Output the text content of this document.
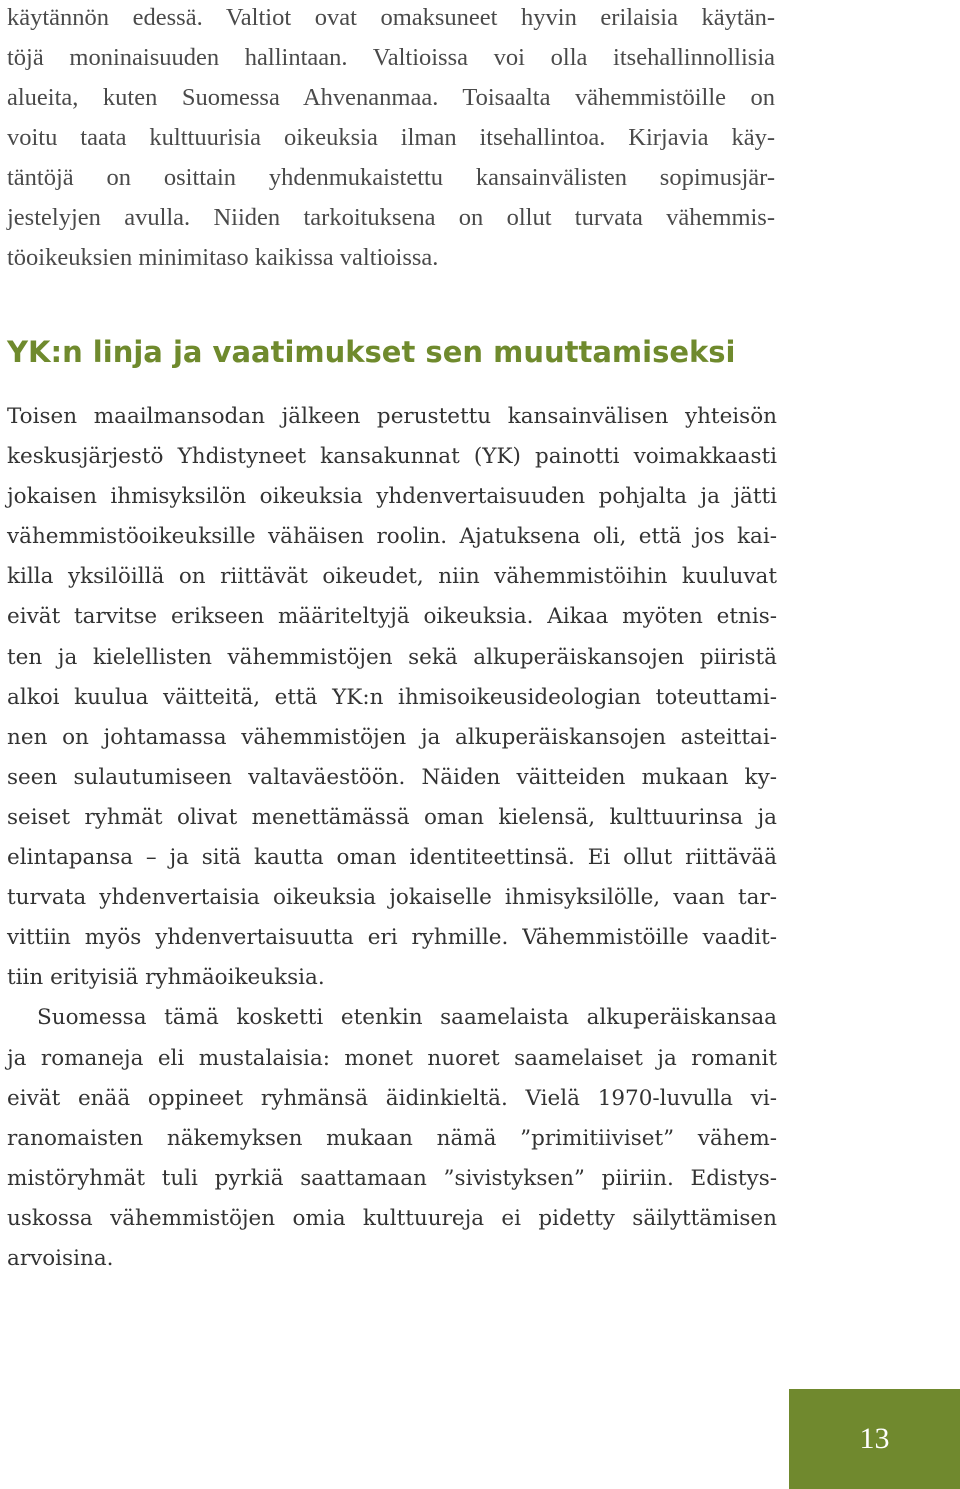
käytännön edessä. Valtiot ovat omaksuneet hyvin erilaisia käytän-
töjä moninaisuuden hallintaan. Valtioissa voi olla itsehallinnollisia
alueita, kuten Suomessa Ahvenanmaa. Toisaalta vähemmistöille on
voitu taata kulttuurisia oikeuksia ilman itsehallintoa. Kirjavia käy-
täntöjä on osittain yhdenmukaistettu kansainvälisten sopimusjär-
jestelyjen avulla. Niiden tarkoituksena on ollut turvata vähemmis-
töoikeuksien minimitaso kaikissa valtioissa.
YK:n linja ja vaatimukset sen muuttamiseksi
Toisen maailmansodan jälkeen perustettu kansainvälisen yhteisön
keskusjärjestö Yhdistyneet kansakunnat (YK) painotti voimakkaasti
jokaisen ihmisyksilön oikeuksia yhdenvertaisuuden pohjalta ja jätti
vähemmistöoikeuksille vähäisen roolin. Ajatuksena oli, että jos kai-
killa yksilöillä on riittävät oikeudet, niin vähemmistöihin kuuluvat
eivät tarvitse erikseen määriteltyjä oikeuksia. Aikaa myöten etnis-
ten ja kielellisten vähemmistöjen sekä alkuperäiskansojen piiristä
alkoi kuulua väitteitä, että YK:n ihmisoikeusideologian toteuttami-
nen on johtamassa vähemmistöjen ja alkuperäiskansojen asteittai-
seen sulautumiseen valtaväestöön. Näiden väitteiden mukaan ky-
seiset ryhmät olivat menettämässä oman kielensä, kulttuurinsa ja
elintapansa – ja sitä kautta oman identiteettinsä. Ei ollut riittävää
turvata yhdenvertaisia oikeuksia jokaiselle ihmisyksilölle, vaan tar-
vittiin myös yhdenvertaisuutta eri ryhmille. Vähemmistöille vaadit-
tiin erityisiä ryhmäoikeuksia.
Suomessa tämä kosketti etenkin saamelaista alkuperäiskansaa
ja romaneja eli mustalaisia: monet nuoret saamelaiset ja romanit
eivät enää oppineet ryhmänsä äidinkieltä. Vielä 1970-luvulla vi-
ranomaisten näkemyksen mukaan nämä ”primitiiviset” vähem-
mistöryhmät tuli pyrkiä saattamaan ”sivistyksen” piiriin. Edistys-
uskossa vähemmistöjen omia kulttuureja ei pidetty säilyttämisen
arvoisina.
13
